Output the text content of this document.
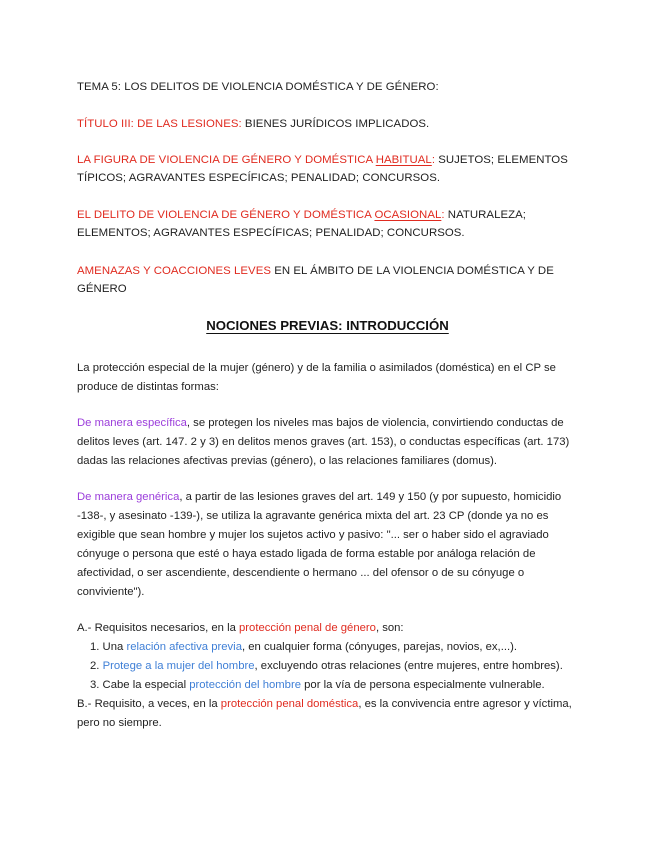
TEMA 5: LOS DELITOS DE VIOLENCIA DOMÉSTICA Y DE GÉNERO:
TÍTULO III: DE LAS LESIONES: BIENES JURÍDICOS IMPLICADOS.
LA FIGURA DE VIOLENCIA DE GÉNERO Y DOMÉSTICA HABITUAL: SUJETOS; ELEMENTOS TÍPICOS; AGRAVANTES ESPECÍFICAS; PENALIDAD; CONCURSOS.
EL DELITO DE VIOLENCIA DE GÉNERO Y DOMÉSTICA OCASIONAL: NATURALEZA; ELEMENTOS; AGRAVANTES ESPECÍFICAS; PENALIDAD; CONCURSOS.
AMENAZAS Y COACCIONES LEVES EN EL ÁMBITO DE LA VIOLENCIA DOMÉSTICA Y DE GÉNERO
NOCIONES PREVIAS: INTRODUCCIÓN
La protección especial de la mujer (género) y de la familia o asimilados (doméstica) en el CP se produce de distintas formas:
De manera específica, se protegen los niveles mas bajos de violencia, convirtiendo conductas de delitos leves (art. 147. 2 y 3) en delitos menos graves (art. 153), o conductas específicas (art. 173) dadas las relaciones afectivas previas (género), o las relaciones familiares (domus).
De manera genérica, a partir de las lesiones graves del art. 149 y 150 (y por supuesto, homicidio -138-, y asesinato -139-), se utiliza la agravante genérica mixta del art. 23 CP (donde ya no es exigible que sean hombre y mujer los sujetos activo y pasivo: "... ser o haber sido el agraviado cónyuge o persona que esté o haya estado ligada de forma estable por análoga relación de afectividad, o ser ascendiente, descendiente o hermano ... del ofensor o de su cónyuge o conviviente").
A.- Requisitos necesarios, en la protección penal de género, son:
1. Una relación afectiva previa, en cualquier forma (cónyuges, parejas, novios, ex,...).
2. Protege a la mujer del hombre, excluyendo otras relaciones (entre mujeres, entre hombres).
3. Cabe la especial protección del hombre por la vía de persona especialmente vulnerable.
B.- Requisito, a veces, en la protección penal doméstica, es la convivencia entre agresor y víctima, pero no siempre.
